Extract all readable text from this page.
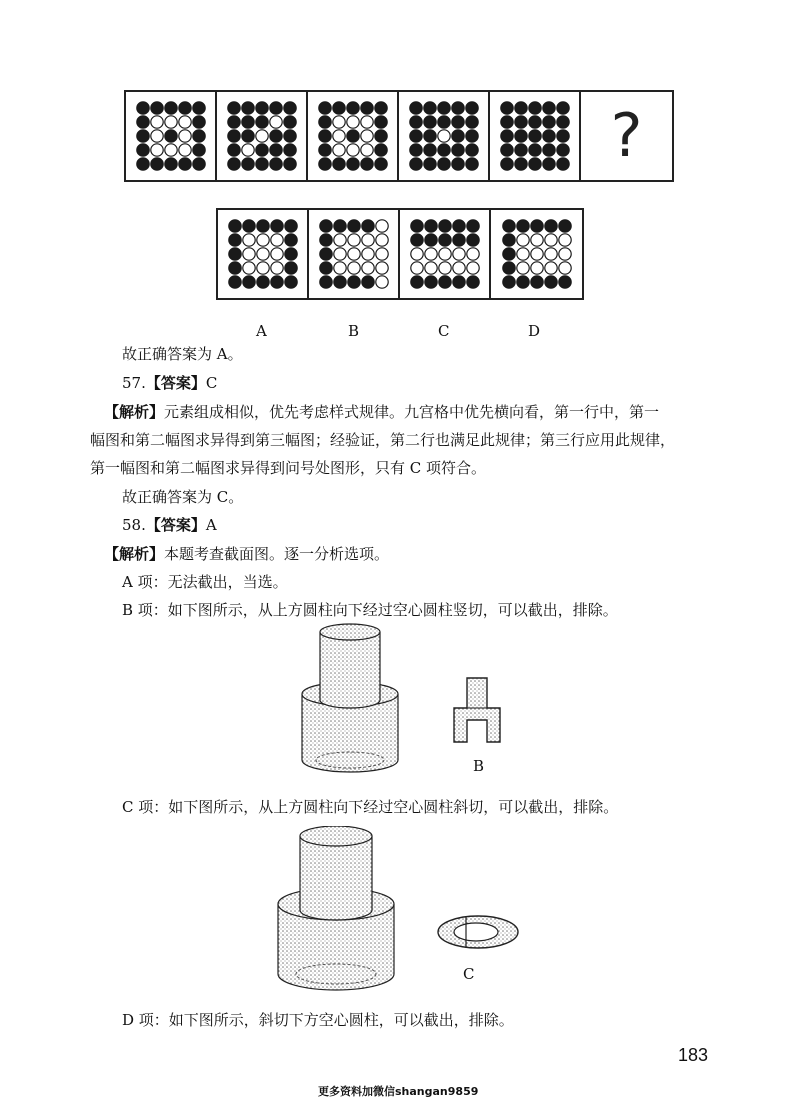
?
A	B	C	D
故正确答案为 A。
57.【答案】C
【解析】元素组成相似，优先考虑样式规律。九宫格中优先横向看，第一行中，第一
幅图和第二幅图求异得到第三幅图；经验证，第二行也满足此规律；第三行应用此规律，
第一幅图和第二幅图求异得到问号处图形，只有 C 项符合。
故正确答案为 C。
58.【答案】A
【解析】本题考查截面图。逐一分析选项。
A 项：无法截出，当选。
B 项：如下图所示，从上方圆柱向下经过空心圆柱竖切，可以截出，排除。
B
C 项：如下图所示，从上方圆柱向下经过空心圆柱斜切，可以截出，排除。
C
D 项：如下图所示，斜切下方空心圆柱，可以截出，排除。
183
更多资料加微信shangan9859
